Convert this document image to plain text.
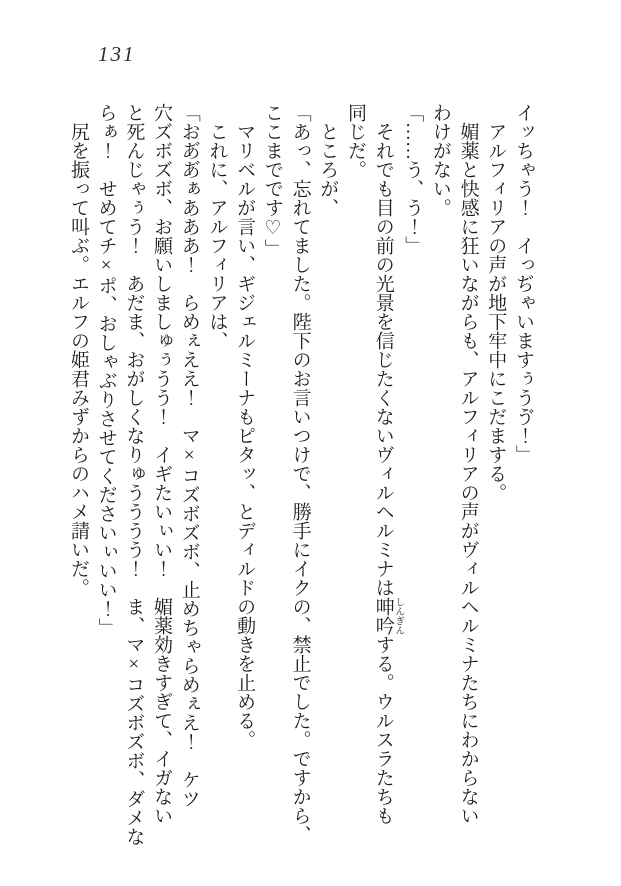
131
イッちゃう！　イっぢゃいますぅうゔ！」
　アルフィリアの声が地下牢中にこだまする。
　媚薬と快感に狂いながらも、アルフィリアの声がヴィルヘルミナたちにわからない
わけがない。
「……う、う！」
　それでも目の前の光景を信じたくないヴィルヘルミナは呻吟 しんぎんする。ウルスラたちも
同じだ。
　ところが、
「あっ、忘れてました。陛下のお言いつけで、勝手にイクの、禁止でした。ですから、
ここまでです♡」
　マリベルが言い、ギジェルミーナもピタッ、とディルドの動きを止める。
　これに、アルフィリアは、
「おあ゙あ゙ぁあああ！　らめぇええ！　マ×コズボズボ、止めちゃらめぇえ！　ケツ
穴ズボズボ、お願いしましゅぅうう！　イギたいぃい！　媚薬効きすぎて、イガない
と死んじゃぅう！　あだま、おがしくなりゅうううう！　ま、マ×コズボズボ、ダメな
らぁ！　せめてチ×ポ、おしゃぶりさせてくださいぃいい！」
　尻を振って叫ぶ。エルフの姫君みずからのハメ請いだ。
